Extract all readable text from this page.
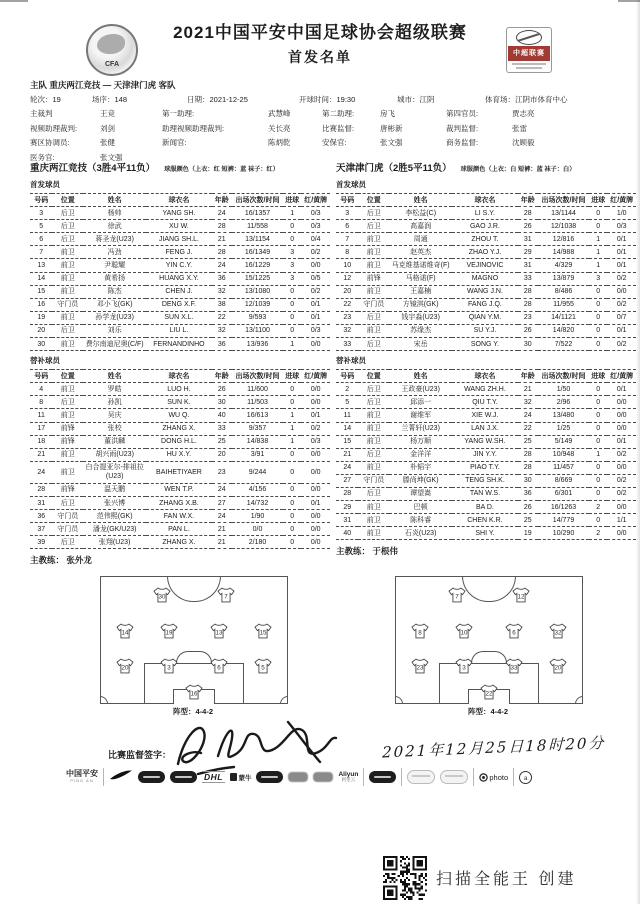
CFA
2021中国平安中国足球协会超级联赛
首发名单	中超联赛
主队 重庆两江竞技 — 天津津门虎 客队
轮次：19	场序：148	日期：2021-12-25	开球时间：19:30	城市：江阴	体育场：江阴市体育中心
主裁判	王竞	第一助理:	武慧峰	第二助理:	房飞	第四官员:	贾志亮
视频助理裁判:	刘剑	助理视频助理裁判:	关长亮	比赛监督:	唐彬新	裁判监督:	张雷
赛区协调员:	张健	新闻官:	陈炳乾	安保官:	张文强	商务监督:	沈顾毅
医务官:	张文强
重庆两江竞技（3胜4平11负） 球服颜色（上衣：红 短裤：蓝 袜子：红）
首发球员
号码	位置	姓名	球衣名	年龄	出场次数/时间	进球	红/黄牌
3	后卫	杨帅	YANG SH.	24	16/1357	1	0/3
5	后卫	徐武	XU W.	28	11/558	0	0/3
6	后卫	蒋圣龙(U23)	JIANG SH.L.	21	13/1154	0	0/4
7	前卫	冯劲	FENG J.	28	16/1349	3	0/2
13	前卫	尹聪耀	YIN C.Y.	24	16/1229	3	0/0
14	前卫	黄希扬	HUANG X.Y.	36	15/1225	3	0/5
15	前卫	陈杰	CHEN J.	32	13/1080	0	0/2
16	守门员	邓小飞(GK)	DENG X.F.	38	12/1039	0	0/1
19	前卫	孙学龙(U23)	SUN X.L.	22	9/593	0	0/1
20	后卫	刘乐	LIU L.	32	13/1100	0	0/3
30	前卫	费尔南迪尼奥(C/F)	FERNANDINHO	36	13/936	1	0/0
替补球员
号码	位置	姓名	球衣名	年龄	出场次数/时间	进球	红/黄牌
4	前卫	罗皓	LUO H.	26	11/600	0	0/0
8	后卫	孙凯	SUN K.	30	11/503	0	0/0
11	前卫	吴庆	WU Q.	40	16/613	1	0/1
17	前锋	张校	ZHANG X.	33	9/357	1	0/2
18	前锋	董洪麟	DONG H.L.	25	14/838	1	0/3
21	前卫	胡兴雨(U23)	HU X.Y.	20	3/91	0	0/0
24	前卫	白合提亚尔-排祖拉(U23)	BAIHETIYAER	23	9/244	0	0/0
28	前锋	温天鹏	WEN T.P.	24	4/156	0	0/0
31	后卫	张兴博	ZHANG X.B.	27	14/732	0	0/1
36	守门员	范伟熙(GK)	FAN W.X.	24	1/90	0	0/0
37	守门员	潘龙(GK/U23)	PAN L.	21	0/0	0	0/0
39	后卫	张翔(U23)	ZHANG X.	21	2/180	0	0/0
主教练： 张外龙
天津津门虎（2胜5平11负） 球服颜色（上衣：白 短裤：蓝 袜子：白）
首发球员
号码	位置	姓名	球衣名	年龄	出场次数/时间	进球	红/黄牌
3	后卫	李松益(C)	LI S.Y.	28	13/1144	0	1/0
6	后卫	高嘉润	GAO J.R.	26	12/1038	0	0/3
7	前卫	周通	ZHOU T.	31	12/816	1	0/1
8	前卫	赵英杰	ZHAO Y.J.	29	14/988	1	0/1
10	前卫	马克维基诺维奇(F)	VEJINOVIC	31	4/329	1	0/1
12	前锋	马格诺(F)	MAGNO	33	13/879	3	0/2
20	前卫	王嘉楠	WANG J.N.	28	8/486	0	0/0
22	守门员	方镜淇(GK)	FANG J.Q.	28	11/955	0	0/2
23	后卫	钱宇淼(U23)	QIAN Y.M.	23	14/1121	0	0/7
32	前卫	苏缘杰	SU Y.J.	26	14/820	0	0/1
33	后卫	宋岳	SONG Y.	30	7/522	0	0/2
替补球员
号码	位置	姓名	球衣名	年龄	出场次数/时间	进球	红/黄牌
2	后卫	王政豪(U23)	WANG ZH.H.	21	1/50	0	0/1
5	后卫	邱添一	QIU T.Y.	32	2/96	0	0/0
11	前卫	谢维军	XIE W.J.	24	13/480	0	0/0
14	前卫	兰菁轩(U23)	LAN J.X.	22	1/25	0	0/0
15	前卫	杨万顺	YANG W.SH.	25	5/149	0	0/1
21	后卫	金洋洋	JIN Y.Y.	28	10/948	1	0/2
24	前卫	朴韬宇	PIAO T.Y.	28	11/457	0	0/0
27	守门员	滕尚坤(GK)	TENG SH.K.	30	8/669	0	0/2
28	后卫	谭望嵩	TAN W.S.	36	6/301	0	0/2
29	前卫	巴顿	BA D.	26	16/1263	2	0/0
31	前卫	陈科睿	CHEN K.R.	25	14/779	0	1/1
40	前卫	石炎(U23)	SHI Y.	19	10/290	2	0/0
主教练： 于根伟
30	7
14	19	13	15
20	3	6	5
16
阵型：4-4-2
7	12
8	10	6	32
23	3	33	20
22
阵型：4-4-2
比赛监督签字：	2021年12月25日18时20分
中国平安
PING AN	DHL	蒙牛
Aliyun
阿里云	photo	a
扫描全能王 创建
